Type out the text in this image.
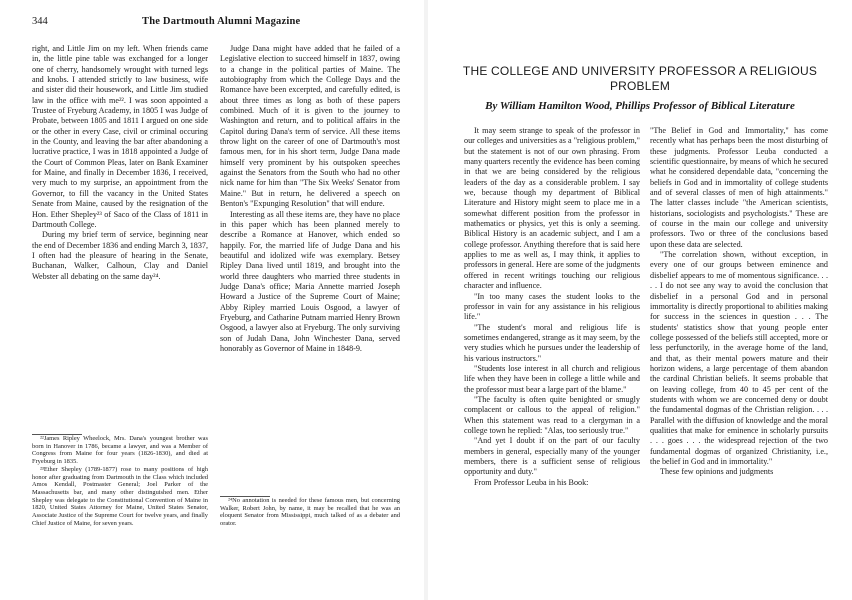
344	The Dartmouth Alumni Magazine

right, and Little Jim on my left. When friends came in, the little pine table was exchanged for a longer one of cherry, handsomely wrought with turned legs and knobs. I attended strictly to law business, wife and sister did their housework, and Little Jim studied law in the office with me²². I was soon appointed a Trustee of Fryeburg Academy, in 1805 I was Judge of Probate, between 1805 and 1811 I argued on one side or the other in every Case, civil or criminal occuring in the County, and leaving the bar after abandoning a lucrative practice, I was in 1818 appointed a Judge of the Court of Common Pleas, later on Bank Examiner for Maine, and finally in December 1836, I received, very much to my surprise, an appointment from the Governor, to fill the vacancy in the United States Senate from Maine, caused by the resignation of the Hon. Ether Shepley²³ of Saco of the Class of 1811 in Dartmouth College.

During my brief term of service, beginning near the end of December 1836 and ending March 3, 1837, I often had the pleasure of hearing in the Senate, Buchanan, Walker, Calhoun, Clay and Daniel Webster all debating on the same day²⁴.

Judge Dana might have added that he failed of a Legislative election to succeed himself in 1837, owing to a change in the political parties of Maine. The autobiography from which the College Days and the Romance have been excerpted, and carefully edited, is about three times as long as both of these papers combined. Much of it is given to the journey to Washington and return, and to political affairs in the Capitol during Dana's term of service. All these items throw light on the career of one of Dartmouth's most famous men, for in his short term, Judge Dana made himself very prominent by his outspoken speeches against the Senators from the South who had no other nick name for him than "The Six Weeks' Senator from Maine." But in return, he delivered a speech on Benton's "Expunging Resolution" that will endure.

Interesting as all these items are, they have no place in this paper which has been planned merely to describe a Romance at Hanover, which ended so happily. For, the married life of Judge Dana and his beautiful and idolized wife was exemplary. Betsey Ripley Dana lived until 1819, and brought into the world three daughters who married three students in Judge Dana's office; Maria Annette married Joseph Howard a Justice of the Supreme Court of Maine; Abby Ripley married Louis Osgood, a lawyer of Fryeburg, and Catharine Putnam married Henry Brown Osgood, a lawyer also at Fryeburg. The only surviving son of Judah Dana, John Winchester Dana, served honorably as Governor of Maine in 1848-9.

²²James Ripley Wheelock, Mrs. Dana's youngest brother was born in Hanover in 1786, became a lawyer, and was a Member of Congress from Maine for four years (1826-1830), and died at Fryeburg in 1835.

²³Ether Shepley (1789-1877) rose to many positions of high honor after graduating from Dartmouth in the Class which included Amos Kendall, Postmaster General; Joel Parker of the Massachusetts bar, and many other distinguished men. Ether Shepley was delegate to the Constitutional Convention of Maine in 1820, United States Attorney for Maine, United States Senator, Associate Justice of the Supreme Court for twelve years, and finally Chief Justice of Maine, for seven years.

²⁴No annotation is needed for these famous men, but concerning Walker, Robert John, by name, it may be recalled that he was an eloquent Senator from Mississippi, much talked of as a debater and orator.

THE COLLEGE AND UNIVERSITY PROFESSOR A RELIGIOUS PROBLEM
By William Hamilton Wood, Phillips Professor of Biblical Literature

It may seem strange to speak of the professor in our colleges and universities as a "religious problem," but the statement is not of our own phrasing. From many quarters recently the evidence has been coming in that we are being considered by the religious leaders of the day as a considerable problem. I say we, because though my department of Biblical Literature and History might seem to place me in a somewhat different position from the professor in mathematics or physics, yet this is only a seeming. Biblical History is an academic subject, and I am a college professor. Anything therefore that is said here applies to me as well as, I may think, it applies to professors in general. Here are some of the judgments offered in recent writings touching our religious character and influence.

"In too many cases the student looks to the professor in vain for any assistance in his religious life."

"The student's moral and religious life is sometimes endangered, strange as it may seem, by the very studies which he pursues under the leadership of his various instructors."

"Students lose interest in all church and religious life when they have been in college a little while and the professor must bear a large part of the blame."

"The faculty is often quite benighted or smugly complacent or callous to the appeal of religion." When this statement was read to a clergyman in a college town he replied: "Alas, too seriously true."

"And yet I doubt if on the part of our faculty members in general, especially many of the younger members, there is a sufficient sense of religious opportunity and duty."

From Professor Leuba in his Book:

"The Belief in God and Immortality," has come recently what has perhaps been the most disturbing of these judgments. Professor Leuba conducted a scientific questionnaire, by means of which he secured what he considered dependable data, "concerning the beliefs in God and in immortality of college students and of several classes of men of high attainments." The latter classes include "the American scientists, historians, sociologists and psychologists." These are of course in the main our college and university professors. Two or three of the conclusions based upon these data are selected.

"The correlation shown, without exception, in every one of our groups between eminence and disbelief appears to me of momentous significance. . . . . I do not see any way to avoid the conclusion that disbelief in a personal God and in personal immortality is directly proportional to abilities making for success in the sciences in question . . . The students' statistics show that young people enter college possessed of the beliefs still accepted, more or less perfunctorily, in the average home of the land, and that, as their mental powers mature and their horizon widens, a large percentage of them abandon the cardinal Christian beliefs. It seems probable that on leaving college, from 40 to 45 per cent of the students with whom we are concerned deny or doubt the fundamental dogmas of the Christian religion. . . . Parallel with the diffusion of knowledge and the moral qualities that make for eminence in scholarly pursuits . . . goes . . . the widespread rejection of the two fundamental dogmas of organized Christianity, i.e., the belief in God and in immortality."

These few opinions and judgments
